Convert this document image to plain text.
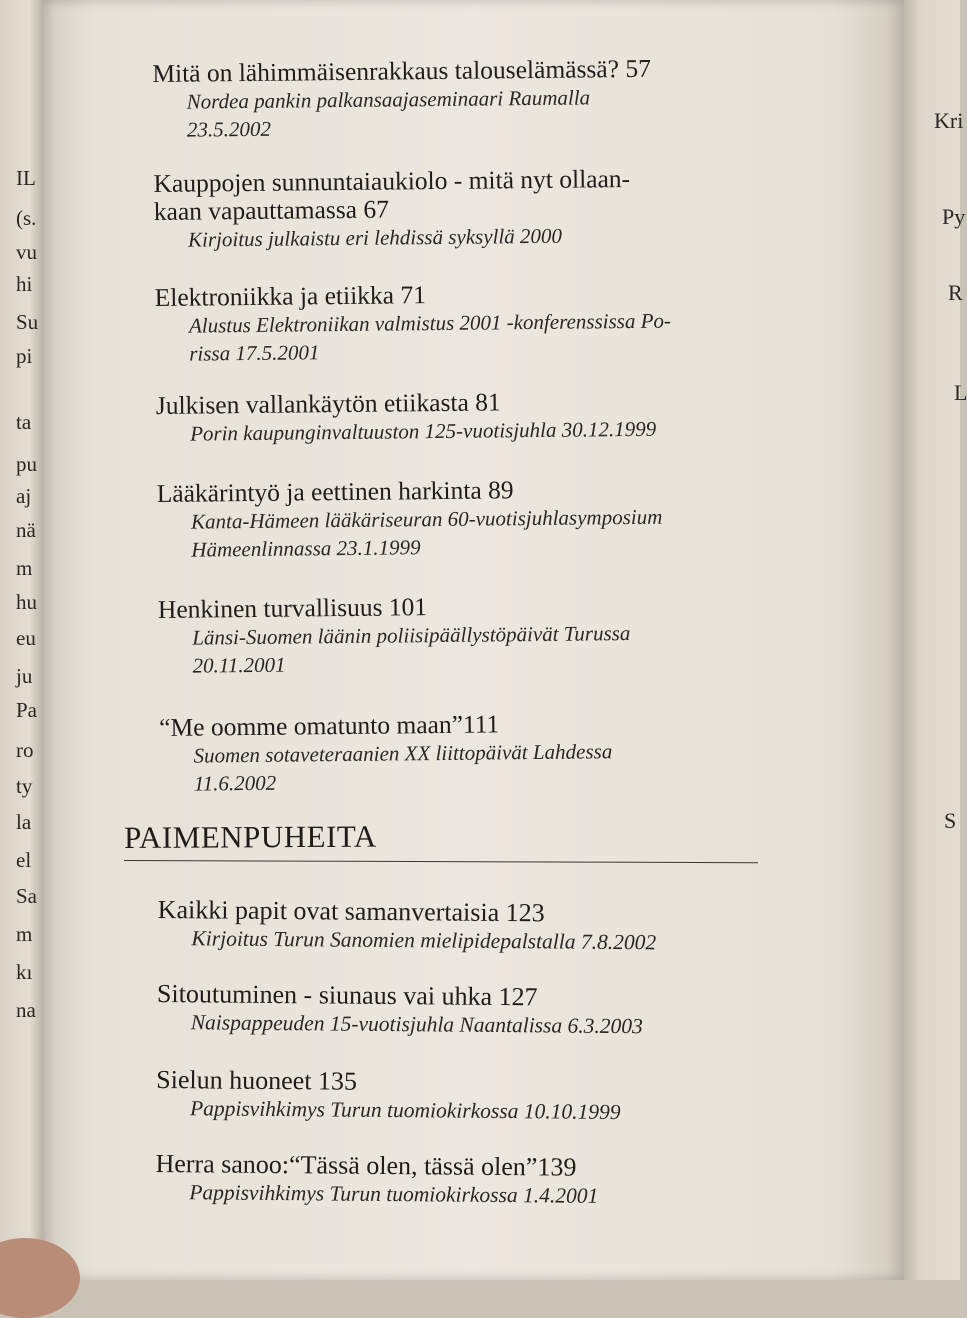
IL
(s.
vu
hi
Su
pi
ta
pu
aj
nä
m
hu
eu
ju
Pa
ro
ty
la
el
Sa
m
kı
na
Kri
Py
R
L
S
Mitä on lähimmäisenrakkaus talouselämässä? 57
Nordea pankin palkansaajaseminaari Raumalla
23.5.2002
Kauppojen sunnuntaiaukiolo - mitä nyt ollaan-
kaan vapauttamassa 67
Kirjoitus julkaistu eri lehdissä syksyllä 2000
Elektroniikka ja etiikka 71
Alustus Elektroniikan valmistus 2001 -konferenssissa Po-
rissa 17.5.2001
Julkisen vallankäytön etiikasta 81
Porin kaupunginvaltuuston 125-vuotisjuhla 30.12.1999
Lääkärintyö ja eettinen harkinta 89
Kanta-Hämeen lääkäriseuran 60-vuotisjuhlasymposium
Hämeenlinnassa 23.1.1999
Henkinen turvallisuus 101
Länsi-Suomen läänin poliisipäällystöpäivät Turussa
20.11.2001
“Me oomme omatunto maan”111
Suomen sotaveteraanien XX liittopäivät Lahdessa
11.6.2002
PAIMENPUHEITA
Kaikki papit ovat samanvertaisia 123
Kirjoitus Turun Sanomien mielipidepalstalla 7.8.2002
Sitoutuminen - siunaus vai uhka 127
Naispappeuden 15-vuotisjuhla Naantalissa 6.3.2003
Sielun huoneet 135
Pappisvihkimys Turun tuomiokirkossa 10.10.1999
Herra sanoo:“Tässä olen, tässä olen”139
Pappisvihkimys Turun tuomiokirkossa 1.4.2001
